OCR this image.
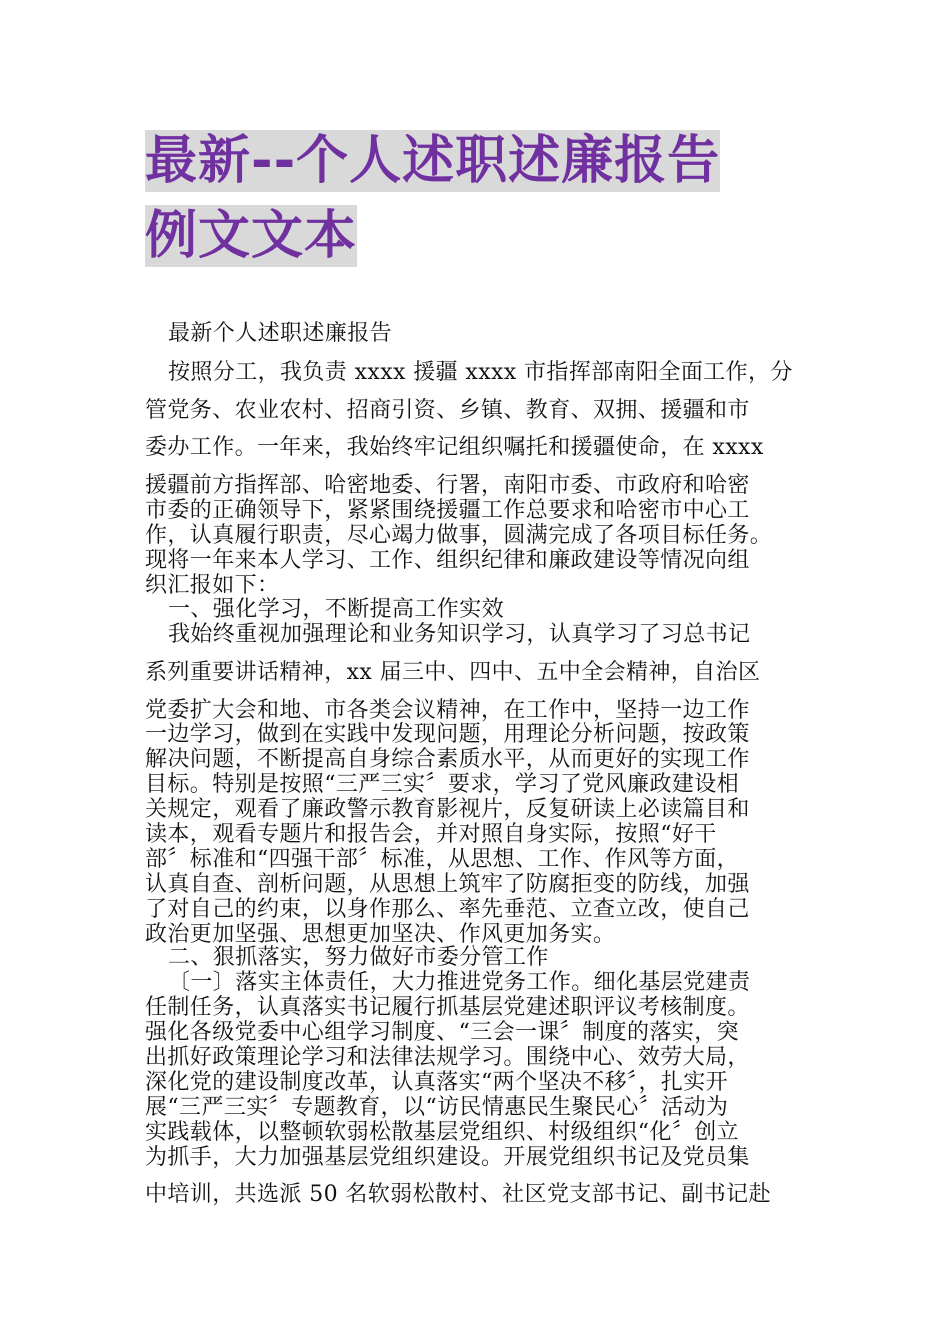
最新--个人述职述廉报告
例文文本
最新个人述职述廉报告
按照分工，我负责 xxxx 援疆 xxxx 市指挥部南阳全面工作，分
管党务、农业农村、招商引资、乡镇、教育、双拥、援疆和市
委办工作。一年来，我始终牢记组织嘱托和援疆使命，在 xxxx
援疆前方指挥部、哈密地委、行署，南阳市委、市政府和哈密
市委的正确领导下，紧紧围绕援疆工作总要求和哈密市中心工
作，认真履行职责，尽心竭力做事，圆满完成了各项目标任务。
现将一年来本人学习、工作、组织纪律和廉政建设等情况向组
织汇报如下：
一、强化学习，不断提高工作实效
我始终重视加强理论和业务知识学习，认真学习了习总书记
系列重要讲话精神，xx 届三中、四中、五中全会精神，自治区
党委扩大会和地、市各类会议精神，在工作中，坚持一边工作
一边学习，做到在实践中发现问题，用理论分析问题，按政策
解决问题，不断提高自身综合素质水平，从而更好的实现工作
目标。特别是按照“三严三实〞要求，学习了党风廉政建设相
关规定，观看了廉政警示教育影视片，反复研读上必读篇目和
读本，观看专题片和报告会，并对照自身实际，按照“好干
部〞标准和“四强干部〞标准，从思想、工作、作风等方面，
认真自查、剖析问题，从思想上筑牢了防腐拒变的防线，加强
了对自己的约束，以身作那么、率先垂范、立查立改，使自己
政治更加坚强、思想更加坚决、作风更加务实。
二、狠抓落实，努力做好市委分管工作
〔一〕落实主体责任，大力推进党务工作。细化基层党建责
任制任务，认真落实书记履行抓基层党建述职评议考核制度。
强化各级党委中心组学习制度、“三会一课〞制度的落实，突
出抓好政策理论学习和法律法规学习。围绕中心、效劳大局，
深化党的建设制度改革，认真落实“两个坚决不移〞，扎实开
展“三严三实〞专题教育，以“访民情惠民生聚民心〞活动为
实践载体，以整顿软弱松散基层党组织、村级组织“化〞创立
为抓手，大力加强基层党组织建设。开展党组织书记及党员集
中培训，共选派 50 名软弱松散村、社区党支部书记、副书记赴
